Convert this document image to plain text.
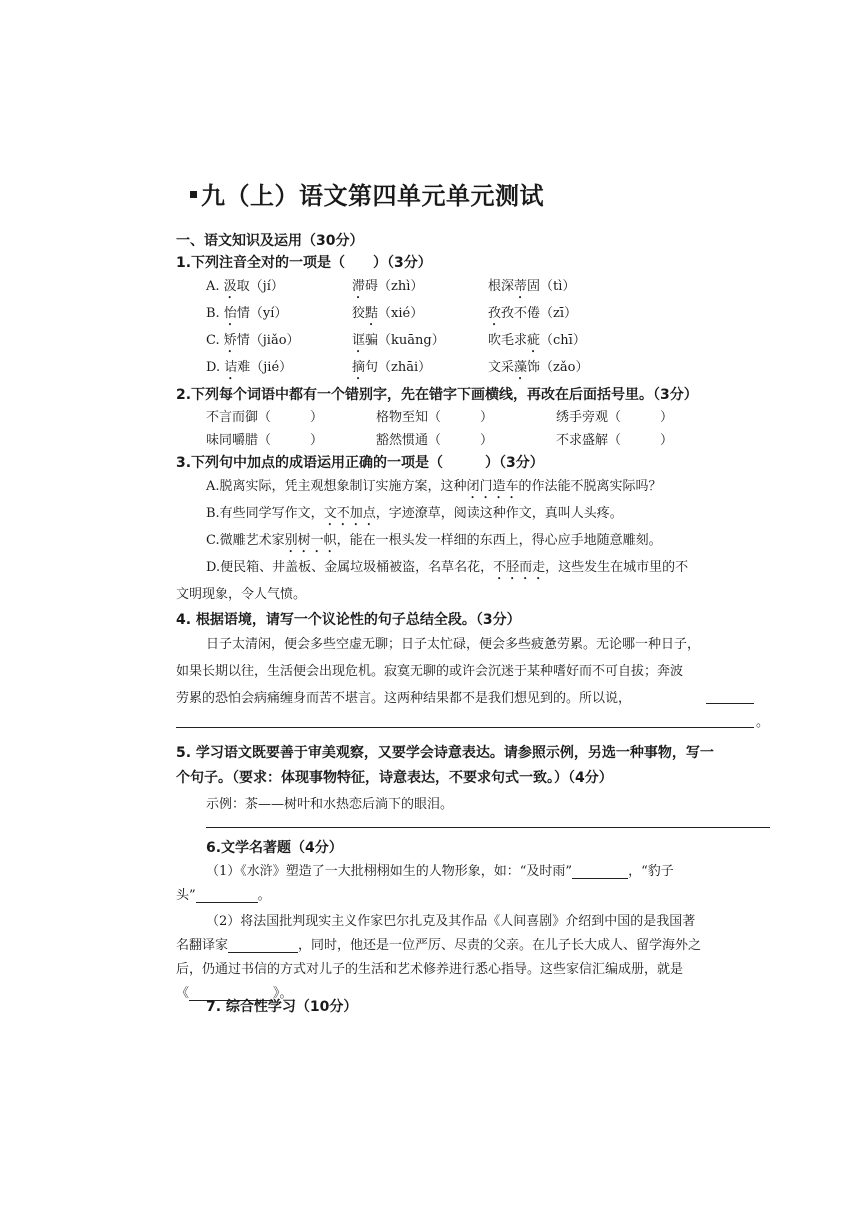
九（上）语文第四单元单元测试
一、语文知识及运用（30分）
1.下列注音全对的一项是（　　）（3分）
A. 汲取（jí）	滞碍（zhì）	根深蒂固（tì）
B. 怡情（yí）	狡黠（xié）	孜孜不倦（zī）
C. 矫情（jiǎo）	诓骗（kuāng）	吹毛求疵（chī）
D. 诘难（jié）	摘句（zhāi）	文采藻饰（zǎo）
2.下列每个词语中都有一个错别字，先在错字下画横线，再改在后面括号里。（3分）
不言而御（　　　）	格物至知（　　　）	绣手旁观（　　　）
味同嚼腊（　　　）	豁然惯通（　　　）	不求盛解（　　　）
3.下列句中加点的成语运用正确的一项是（　　　）（3分）
A.脱离实际，凭主观想象制订实施方案，这种闭门造车的作法能不脱离实际吗？
B.有些同学写作文，文不加点，字迹潦草，阅读这种作文，真叫人头疼。
C.微雕艺术家别树一帜，能在一根头发一样细的东西上，得心应手地随意雕刻。
D.便民箱、井盖板、金属垃圾桶被盗，名草名花，不胫而走，这些发生在城市里的不
文明现象，令人气愤。
4. 根据语境，请写一个议论性的句子总结全段。（3分）
日子太清闲，便会多些空虚无聊；日子太忙碌，便会多些疲惫劳累。无论哪一种日子，
如果长期以往，生活便会出现危机。寂寞无聊的或许会沉迷于某种嗜好而不可自拔；奔波
劳累的恐怕会病痛缠身而苦不堪言。这两种结果都不是我们想见到的。所以说，
。
5. 学习语文既要善于审美观察，又要学会诗意表达。请参照示例，另选一种事物，写一
个句子。（要求：体现事物特征，诗意表达，不要求句式一致。）（4分）
示例：茶——树叶和水热恋后淌下的眼泪。
6.文学名著题（4分）
（1）《水浒》塑造了一大批栩栩如生的人物形象，如：“及时雨”	，“豹子
头”	。
（2）将法国批判现实主义作家巴尔扎克及其作品《人间喜剧》介绍到中国的是我国著
名翻译家	，同时，他还是一位严厉、尽责的父亲。在儿子长大成人、留学海外之
后，仍通过书信的方式对儿子的生活和艺术修养进行悉心指导。这些家信汇编成册，就是
《	》。
7. 综合性学习（10分）
